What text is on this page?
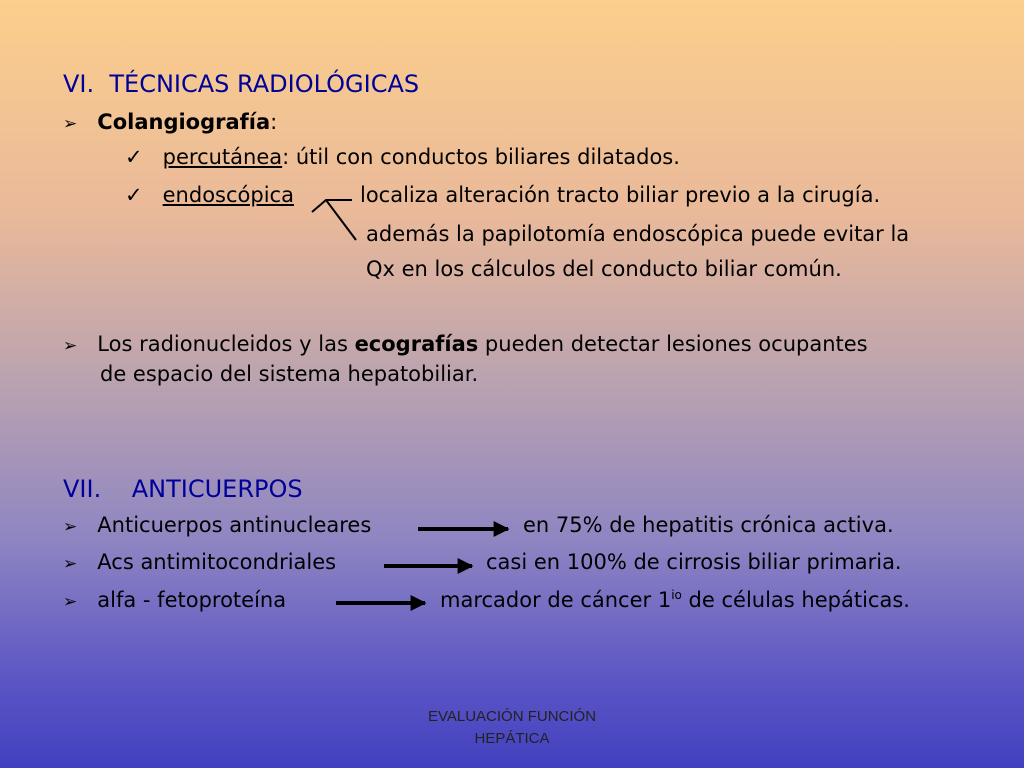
VI. TÉCNICAS RADIOLÓGICAS
➢ Colangiografía:
✓ percutánea: útil con conductos biliares dilatados.
✓ endoscópica	localiza alteración tracto biliar previo a la cirugía.
además la papilotomía endoscópica puede evitar la
Qx en los cálculos del conducto biliar común.
➢ Los radionucleidos y las ecografías pueden detectar lesiones ocupantes
de espacio del sistema hepatobiliar.
VII. ANTICUERPOS
➢ Anticuerpos antinucleares	en 75% de hepatitis crónica activa.
➢ Acs antimitocondriales	casi en 100% de cirrosis biliar primaria.
➢ alfa - fetoproteína	marcador de cáncer $1^{io}$ de células hepáticas.
EVALUACIÓN FUNCIÓN
HEPÁTICA
